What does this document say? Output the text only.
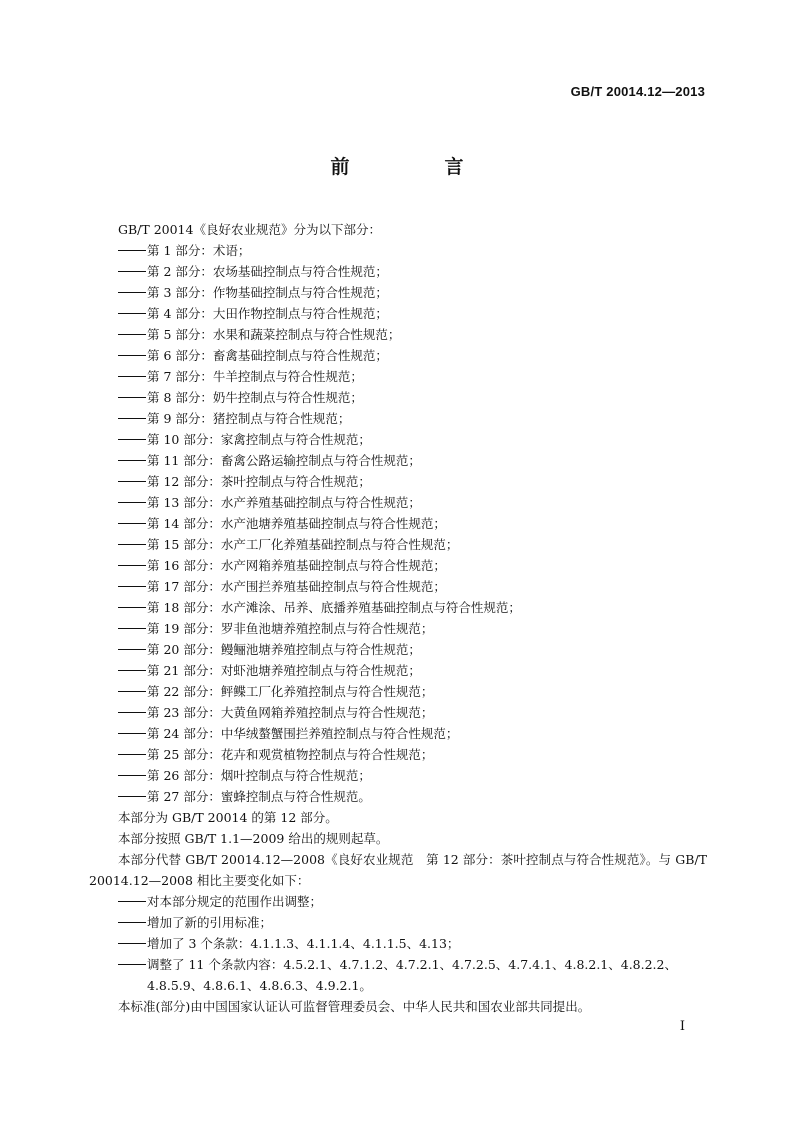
GB/T 20014.12—2013
前　言

GB/T 20014《良好农业规范》分为以下部分：

第 1 部分：术语；

第 2 部分：农场基础控制点与符合性规范；

第 3 部分：作物基础控制点与符合性规范；

第 4 部分：大田作物控制点与符合性规范；

第 5 部分：水果和蔬菜控制点与符合性规范；

第 6 部分：畜禽基础控制点与符合性规范；

第 7 部分：牛羊控制点与符合性规范；

第 8 部分：奶牛控制点与符合性规范；

第 9 部分：猪控制点与符合性规范；

第 10 部分：家禽控制点与符合性规范；

第 11 部分：畜禽公路运输控制点与符合性规范；

第 12 部分：茶叶控制点与符合性规范；

第 13 部分：水产养殖基础控制点与符合性规范；

第 14 部分：水产池塘养殖基础控制点与符合性规范；

第 15 部分：水产工厂化养殖基础控制点与符合性规范；

第 16 部分：水产网箱养殖基础控制点与符合性规范；

第 17 部分：水产围拦养殖基础控制点与符合性规范；

第 18 部分：水产滩涂、吊养、底播养殖基础控制点与符合性规范；

第 19 部分：罗非鱼池塘养殖控制点与符合性规范；

第 20 部分：鳗鲡池塘养殖控制点与符合性规范；

第 21 部分：对虾池塘养殖控制点与符合性规范；

第 22 部分：鲆鲽工厂化养殖控制点与符合性规范；

第 23 部分：大黄鱼网箱养殖控制点与符合性规范；

第 24 部分：中华绒螯蟹围拦养殖控制点与符合性规范；

第 25 部分：花卉和观赏植物控制点与符合性规范；

第 26 部分：烟叶控制点与符合性规范；

第 27 部分：蜜蜂控制点与符合性规范。

本部分为 GB/T 20014 的第 12 部分。

本部分按照 GB/T 1.1—2009 给出的规则起草。

本部分代替 GB/T 20014.12—2008《良好农业规范　第 12 部分：茶叶控制点与符合性规范》。与 GB/T 20014.12—2008 相比主要变化如下：

对本部分规定的范围作出调整；

增加了新的引用标准；

增加了 3 个条款：4.1.1.3、4.1.1.4、4.1.1.5、4.13；

调整了 11 个条款内容：4.5.2.1、4.7.1.2、4.7.2.1、4.7.2.5、4.7.4.1、4.8.2.1、4.8.2.2、4.8.5.9、4.8.6.1、4.8.6.3、4.9.2.1。

本标准(部分)由中国国家认证认可监督管理委员会、中华人民共和国农业部共同提出。

I
